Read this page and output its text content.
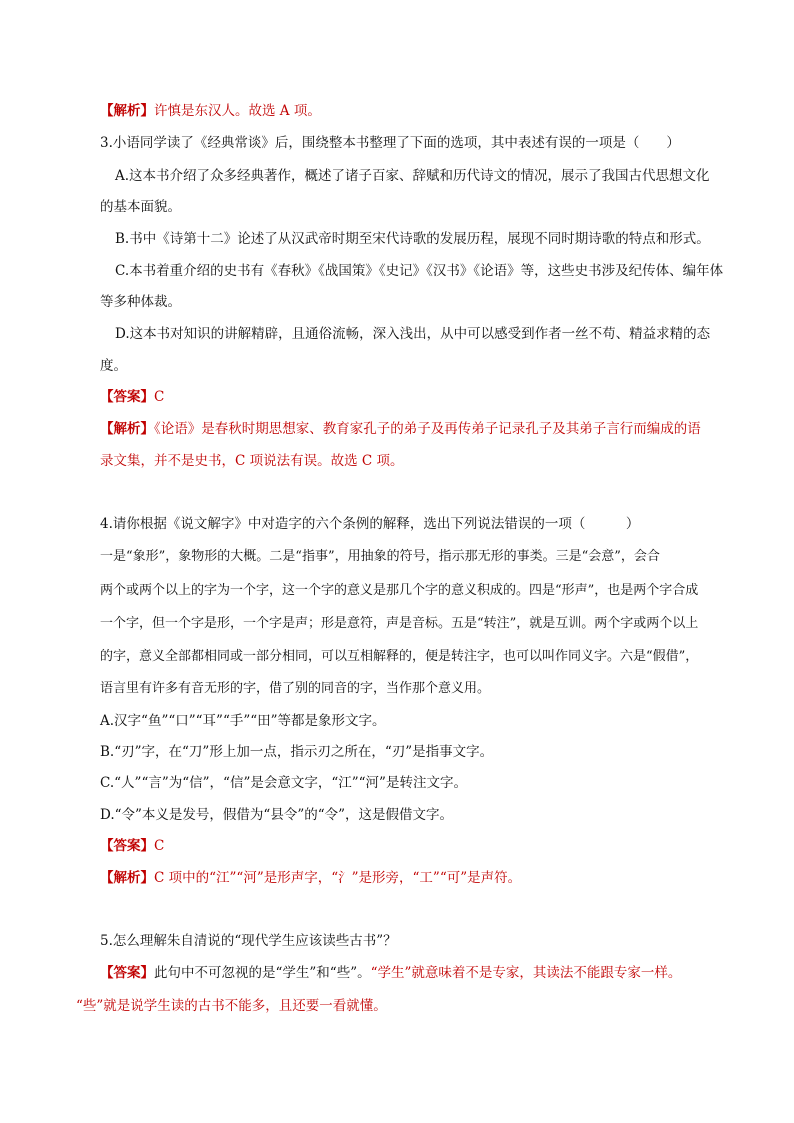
【解析】许慎是东汉人。故选 A 项。
3.小语同学读了《经典常谈》后，围绕整本书整理了下面的选项，其中表述有误的一项是（　　）
A.这本书介绍了众多经典著作，概述了诸子百家、辞赋和历代诗文的情况，展示了我国古代思想文化
的基本面貌。
B.书中《诗第十二》论述了从汉武帝时期至宋代诗歌的发展历程，展现不同时期诗歌的特点和形式。
C.本书着重介绍的史书有《春秋》《战国策》《史记》《汉书》《论语》等，这些史书涉及纪传体、编年体
等多种体裁。
D.这本书对知识的讲解精辟，且通俗流畅，深入浅出，从中可以感受到作者一丝不苟、精益求精的态
度。
【答案】C
【解析】《论语》是春秋时期思想家、教育家孔子的弟子及再传弟子记录孔子及其弟子言行而编成的语
录文集，并不是史书，C 项说法有误。故选 C 项。
4.请你根据《说文解字》中对造字的六个条例的解释，选出下列说法错误的一项（　　　）
一是“象形”，象物形的大概。二是“指事”，用抽象的符号，指示那无形的事类。三是“会意”，会合
两个或两个以上的字为一个字，这一个字的意义是那几个字的意义积成的。四是“形声”，也是两个字合成
一个字，但一个字是形，一个字是声；形是意符，声是音标。五是“转注”，就是互训。两个字或两个以上
的字，意义全部都相同或一部分相同，可以互相解释的，便是转注字，也可以叫作同义字。六是“假借”，
语言里有许多有音无形的字，借了别的同音的字，当作那个意义用。
A.汉字“鱼”“口”“耳”“手”“田”等都是象形文字。
B.“刃”字，在“刀”形上加一点，指示刃之所在，“刃”是指事文字。
C.“人”“言”为“信”，“信”是会意文字，“江”“河”是转注文字。
D.“令”本义是发号，假借为“县令”的“令”，这是假借文字。
【答案】C
【解析】C 项中的“江”“河”是形声字，“氵”是形旁，“工”“可”是声符。
5.怎么理解朱自清说的“现代学生应该读些古书”？
【答案】此句中不可忽视的是“学生”和“些”。“学生”就意味着不是专家，其读法不能跟专家一样。
“些”就是说学生读的古书不能多，且还要一看就懂。
